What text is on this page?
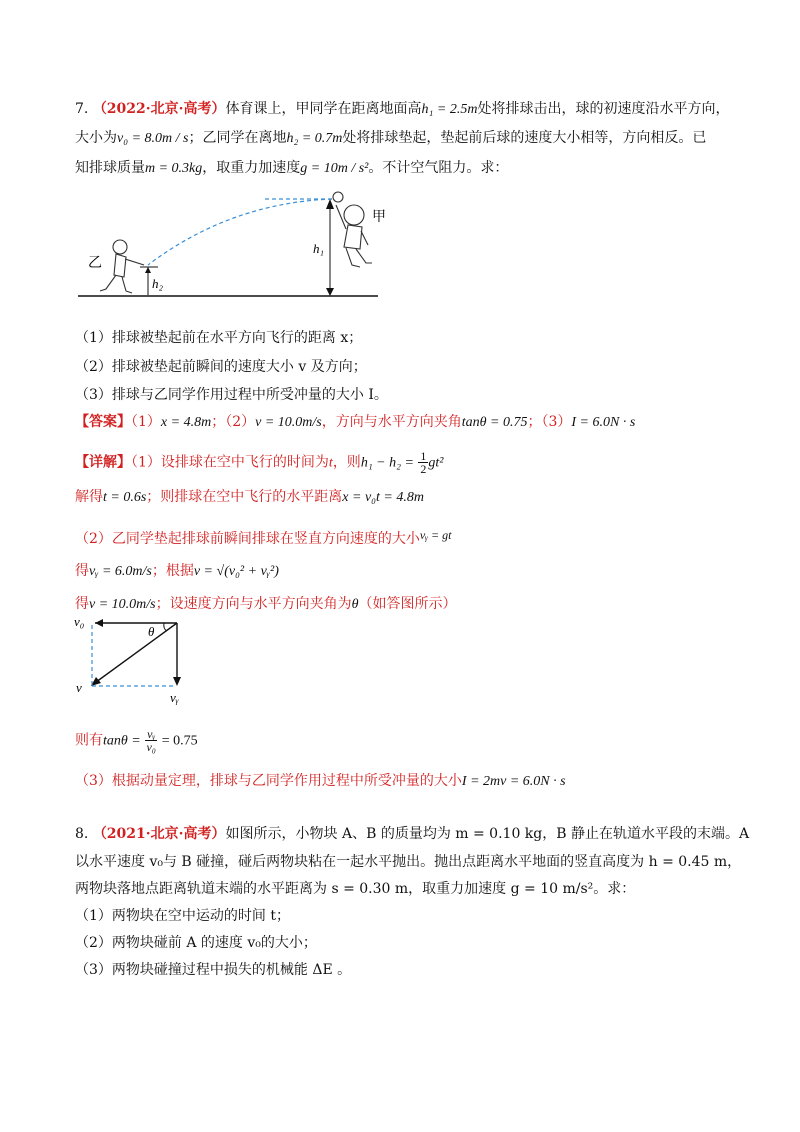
7. （2022·北京·高考）体育课上，甲同学在距离地面高h₁ = 2.5m处将排球击出，球的初速度沿水平方向，
大小为v₀ = 8.0m / s；乙同学在离地h₂ = 0.7m处将排球垫起，垫起前后球的速度大小相等，方向相反。已
知排球质量m = 0.3kg，取重力加速度g = 10m / s²。不计空气阻力。求：
h₁
h₂
乙
甲
（1）排球被垫起前在水平方向飞行的距离 x；
（2）排球被垫起前瞬间的速度大小 v 及方向；
（3）排球与乙同学作用过程中所受冲量的大小 I。
【答案】（1）x = 4.8m；（2）v = 10.0m/s，方向与水平方向夹角tanθ = 0.75；（3）I = 6.0N · s
【详解】（1）设排球在空中飞行的时间为t，则$h_1 - h_2 = \frac{1}{2} gt^2$
解得t = 0.6s；则排球在空中飞行的水平距离x = v₀t = 4.8m
（2）乙同学垫起排球前瞬间排球在竖直方向速度的大小vᵧ = gt
得vᵧ = 6.0m/s；根据v = √(v₀² + vᵧ²)
得v = 10.0m/s；设速度方向与水平方向夹角为θ（如答图所示）
v₀
θ
v
vᵧ
则有$\tan\theta = \frac{\text{vᵧ}}{\text{v₀}} = 0.75$
（3）根据动量定理，排球与乙同学作用过程中所受冲量的大小I = 2mv = 6.0N · s
8. （2021·北京·高考）如图所示，小物块 A、B 的质量均为 m = 0.10 kg，B 静止在轨道水平段的末端。A
以水平速度 v₀与 B 碰撞，碰后两物块粘在一起水平抛出。抛出点距离水平地面的竖直高度为 h = 0.45 m，
两物块落地点距离轨道末端的水平距离为 s = 0.30 m，取重力加速度 g = 10 m/s²。求：
（1）两物块在空中运动的时间 t；
（2）两物块碰前 A 的速度 v₀的大小；
（3）两物块碰撞过程中损失的机械能 ΔE 。
